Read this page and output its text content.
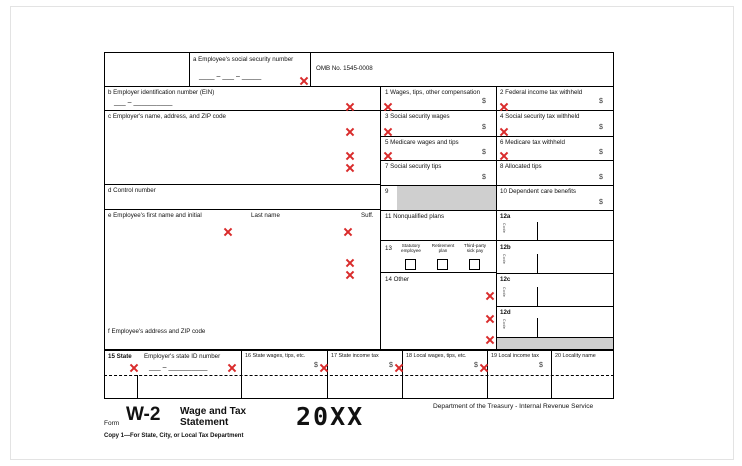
a Employee's social security number
____ – ___ – _____
OMB No. 1545-0008
b Employer identification number (EIN)
___ – __________
c Employer's name, address, and ZIP code
d Control number
e Employee's first name and initial	Last name	Suff.
f Employee's address and ZIP code
1 Wages, tips, other compensation
$
2 Federal income tax withheld
$
3 Social security wages
$
4 Social security tax withheld
$
5 Medicare wages and tips
$
6 Medicare tax withheld
$
7 Social security tips
$
8 Allocated tips
$
9	10 Dependent care benefits
$
11 Nonqualified plans	12a
Code
12b
Code
12c
Code
12d
Code
13	Statutory employee
Retirement plan
Third-party sick pay
14 Other
15 State Employer's state ID number
___ – __________
16 State wages, tips, etc.
$
17 State income tax
$
18 Local wages, tips, etc.
$
19 Local income tax
$
20 Locality name
Form W-2 Wage and Tax
Statement	20XX	Department of the Treasury - Internal Revenue Service
Copy 1—For State, City, or Local Tax Department
